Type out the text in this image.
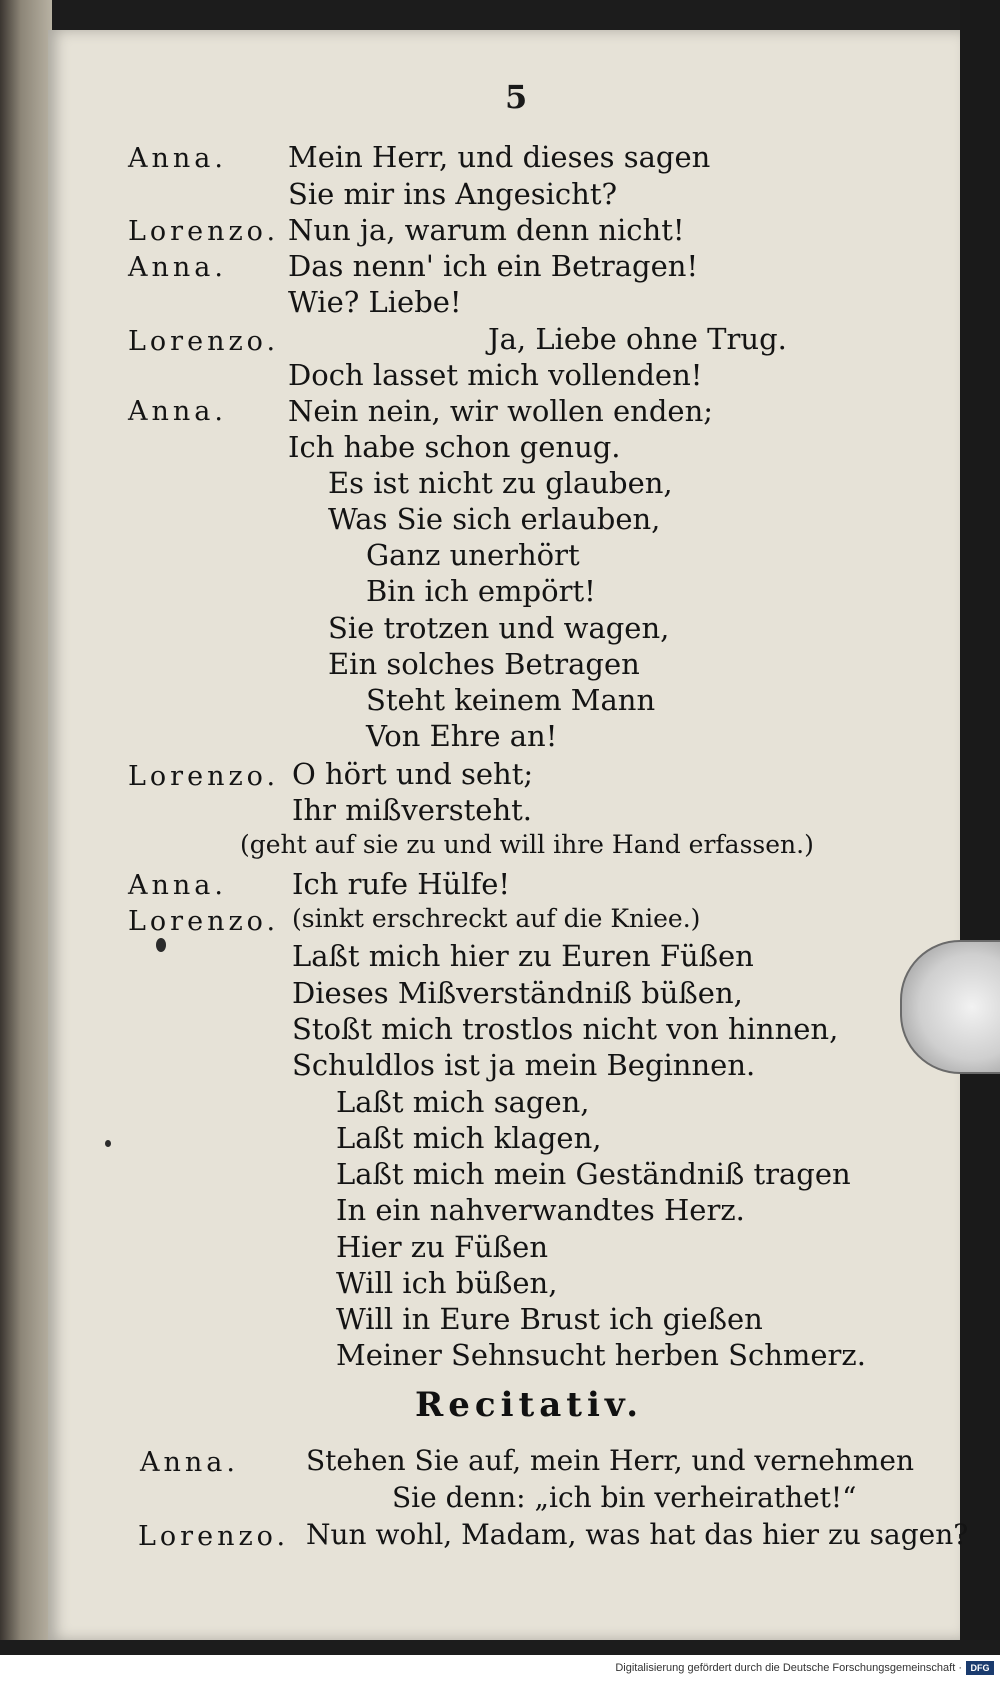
5
Anna.
Lorenzo.
Anna.
Lorenzo.
Anna.
Lorenzo.
Anna.
Lorenzo.
Anna.
Lorenzo.
Mein Herr, und dieses sagen
Sie mir ins Angesicht?
Nun ja, warum denn nicht!
Das nenn' ich ein Betragen!
Wie? Liebe!
Ja, Liebe ohne Trug.
Doch lasset mich vollenden!
Nein nein, wir wollen enden;
Ich habe schon genug.
Es ist nicht zu glauben,
Was Sie sich erlauben,
Ganz unerhört
Bin ich empört!
Sie trotzen und wagen,
Ein solches Betragen
Steht keinem Mann
Von Ehre an!
O hört und seht;
Ihr mißversteht.
(geht auf sie zu und will ihre Hand erfassen.)
Ich rufe Hülfe!
(sinkt erschreckt auf die Kniee.)
Laßt mich hier zu Euren Füßen
Dieses Mißverständniß büßen,
Stoßt mich trostlos nicht von hinnen,
Schuldlos ist ja mein Beginnen.
Laßt mich sagen,
Laßt mich klagen,
Laßt mich mein Geständniß tragen
In ein nahverwandtes Herz.
Hier zu Füßen
Will ich büßen,
Will in Eure Brust ich gießen
Meiner Sehnsucht herben Schmerz.
Recitativ.
Stehen Sie auf, mein Herr, und vernehmen
Sie denn: „ich bin verheirathet!“
Nun wohl, Madam, was hat das hier zu sagen?
Digitalisierung gefördert durch die Deutsche Forschungsgemeinschaft · DFG
